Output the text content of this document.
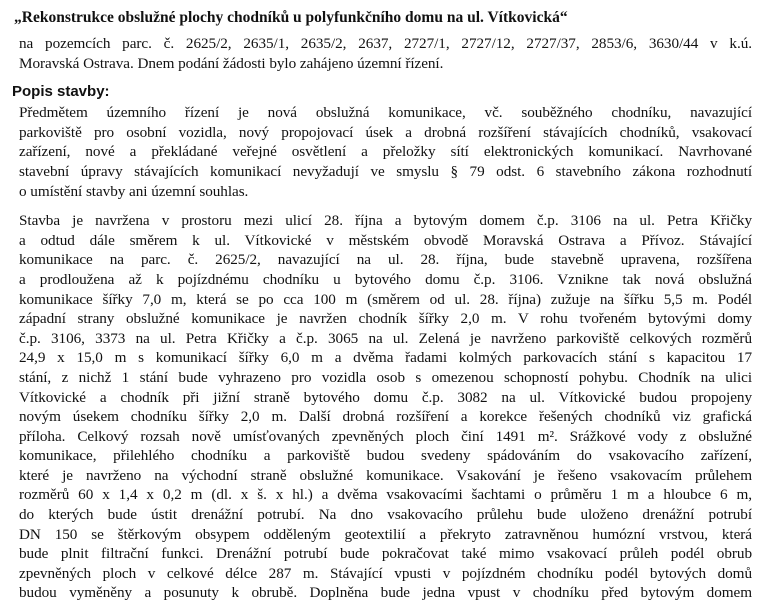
„Rekonstrukce obslužné plochy chodníků u polyfunkčního domu na ul. Vítkovická“
na pozemcích parc. č. 2625/2, 2635/1, 2635/2, 2637, 2727/1, 2727/12, 2727/37, 2853/6, 3630/44 v k.ú.
Moravská Ostrava. Dnem podání žádosti bylo zahájeno územní řízení.
Popis stavby:
Předmětem územního řízení je nová obslužná komunikace, vč. souběžného chodníku, navazující
parkoviště pro osobní vozidla, nový propojovací úsek a drobná rozšíření stávajících chodníků, vsakovací
zařízení, nové a překládané veřejné osvětlení a přeložky sítí elektronických komunikací. Navrhované
stavební úpravy stávajících komunikací nevyžadují ve smyslu § 79 odst. 6 stavebního zákona rozhodnutí
o umístění stavby ani územní souhlas.
Stavba je navržena v prostoru mezi ulicí 28. října a bytovým domem č.p. 3106 na ul. Petra Křičky
a odtud dále směrem k ul. Vítkovické v městském obvodě Moravská Ostrava a Přívoz. Stávající
komunikace na parc. č. 2625/2, navazující na ul. 28. října, bude stavebně upravena, rozšířena
a prodloužena až k pojízdnému chodníku u bytového domu č.p. 3106. Vznikne tak nová obslužná
komunikace šířky 7,0 m, která se po cca 100 m (směrem od ul. 28. října) zužuje na šířku 5,5 m. Podél
západní strany obslužné komunikace je navržen chodník šířky 2,0 m. V rohu tvořeném bytovými domy
č.p. 3106, 3373 na ul. Petra Křičky a č.p. 3065 na ul. Zelená je navrženo parkoviště celkových rozměrů
24,9 x 15,0 m s komunikací šířky 6,0 m a dvěma řadami kolmých parkovacích stání s kapacitou 17
stání, z nichž 1 stání bude vyhrazeno pro vozidla osob s omezenou schopností pohybu. Chodník na ulici
Vítkovické a chodník při jižní straně bytového domu č.p. 3082 na ul. Vítkovické budou propojeny
novým úsekem chodníku šířky 2,0 m. Další drobná rozšíření a korekce řešených chodníků viz grafická
příloha. Celkový rozsah nově umísťovaných zpevněných ploch činí 1491 m². Srážkové vody z obslužné
komunikace, přilehlého chodníku a parkoviště budou svedeny spádováním do vsakovacího zařízení,
které je navrženo na východní straně obslužné komunikace. Vsakování je řešeno vsakovacím průlehem
rozměrů 60 x 1,4 x 0,2 m (dl. x š. x hl.) a dvěma vsakovacími šachtami o průměru 1 m a hloubce 6 m,
do kterých bude ústit drenážní potrubí. Na dno vsakovacího průlehu bude uloženo drenážní potrubí
DN 150 se štěrkovým obsypem odděleným geotextilií a překryto zatravněnou humózní vrstvou, která
bude plnit filtrační funkci. Drenážní potrubí bude pokračovat také mimo vsakovací průleh podél obrub
zpevněných ploch v celkové délce 287 m. Stávající vpusti v pojízdném chodníku podél bytových domů
budou vyměněny a posunuty k obrubě. Doplněna bude jedna vpust v chodníku před bytovým domem
